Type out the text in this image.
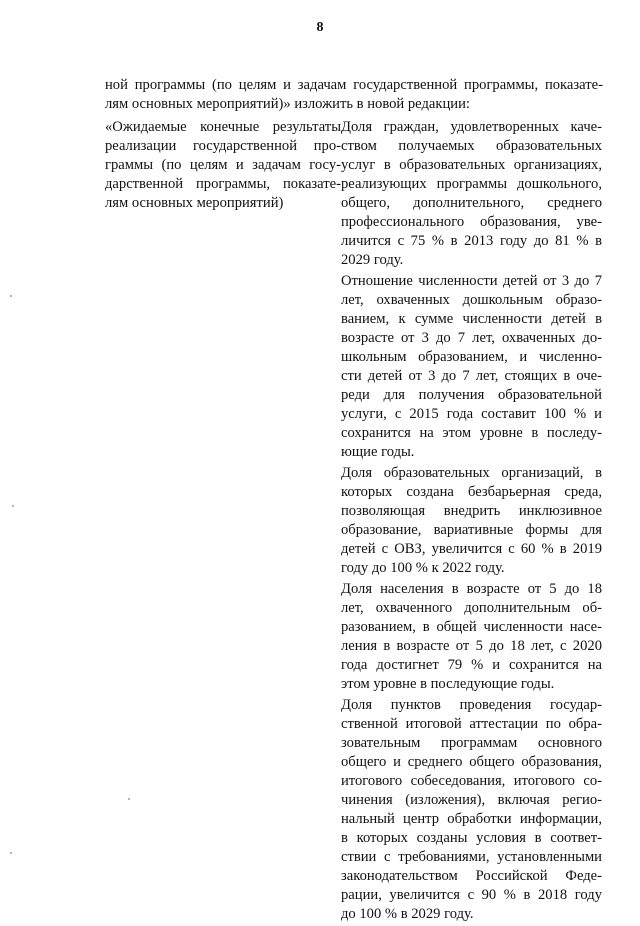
8
ной программы (по целям и задачам государственной программы, показате-
лям основных мероприятий)» изложить в новой редакции:
«Ожидаемые конечные результаты
реализации государственной про-
граммы (по целям и задачам госу-
дарственной программы, показате-
лям основных мероприятий)
Доля граждан, удовлетворенных каче-
ством получаемых образовательных
услуг в образовательных организациях,
реализующих программы дошкольного,
общего, дополнительного, среднего
профессионального образования, уве-
личится с 75 % в 2013 году до 81 % в
2029 году.
Отношение численности детей от 3 до 7
лет, охваченных дошкольным образо-
ванием, к сумме численности детей в
возрасте от 3 до 7 лет, охваченных до-
школьным образованием, и численно-
сти детей от 3 до 7 лет, стоящих в оче-
реди для получения образовательной
услуги, с 2015 года составит 100 % и
сохранится на этом уровне в последу-
ющие годы.
Доля образовательных организаций, в
которых создана безбарьерная среда,
позволяющая внедрить инклюзивное
образование, вариативные формы для
детей с ОВЗ, увеличится с 60 % в 2019
году до 100 % к 2022 году.
Доля населения в возрасте от 5 до 18
лет, охваченного дополнительным об-
разованием, в общей численности насе-
ления в возрасте от 5 до 18 лет, с 2020
года достигнет 79 % и сохранится на
этом уровне в последующие годы.
Доля пунктов проведения государ-
ственной итоговой аттестации по обра-
зовательным программам основного
общего и среднего общего образования,
итогового собеседования, итогового со-
чинения (изложения), включая регио-
нальный центр обработки информации,
в которых созданы условия в соответ-
ствии с требованиями, установленными
законодательством Российской Феде-
рации, увеличится с 90 % в 2018 году
до 100 % в 2029 году.
